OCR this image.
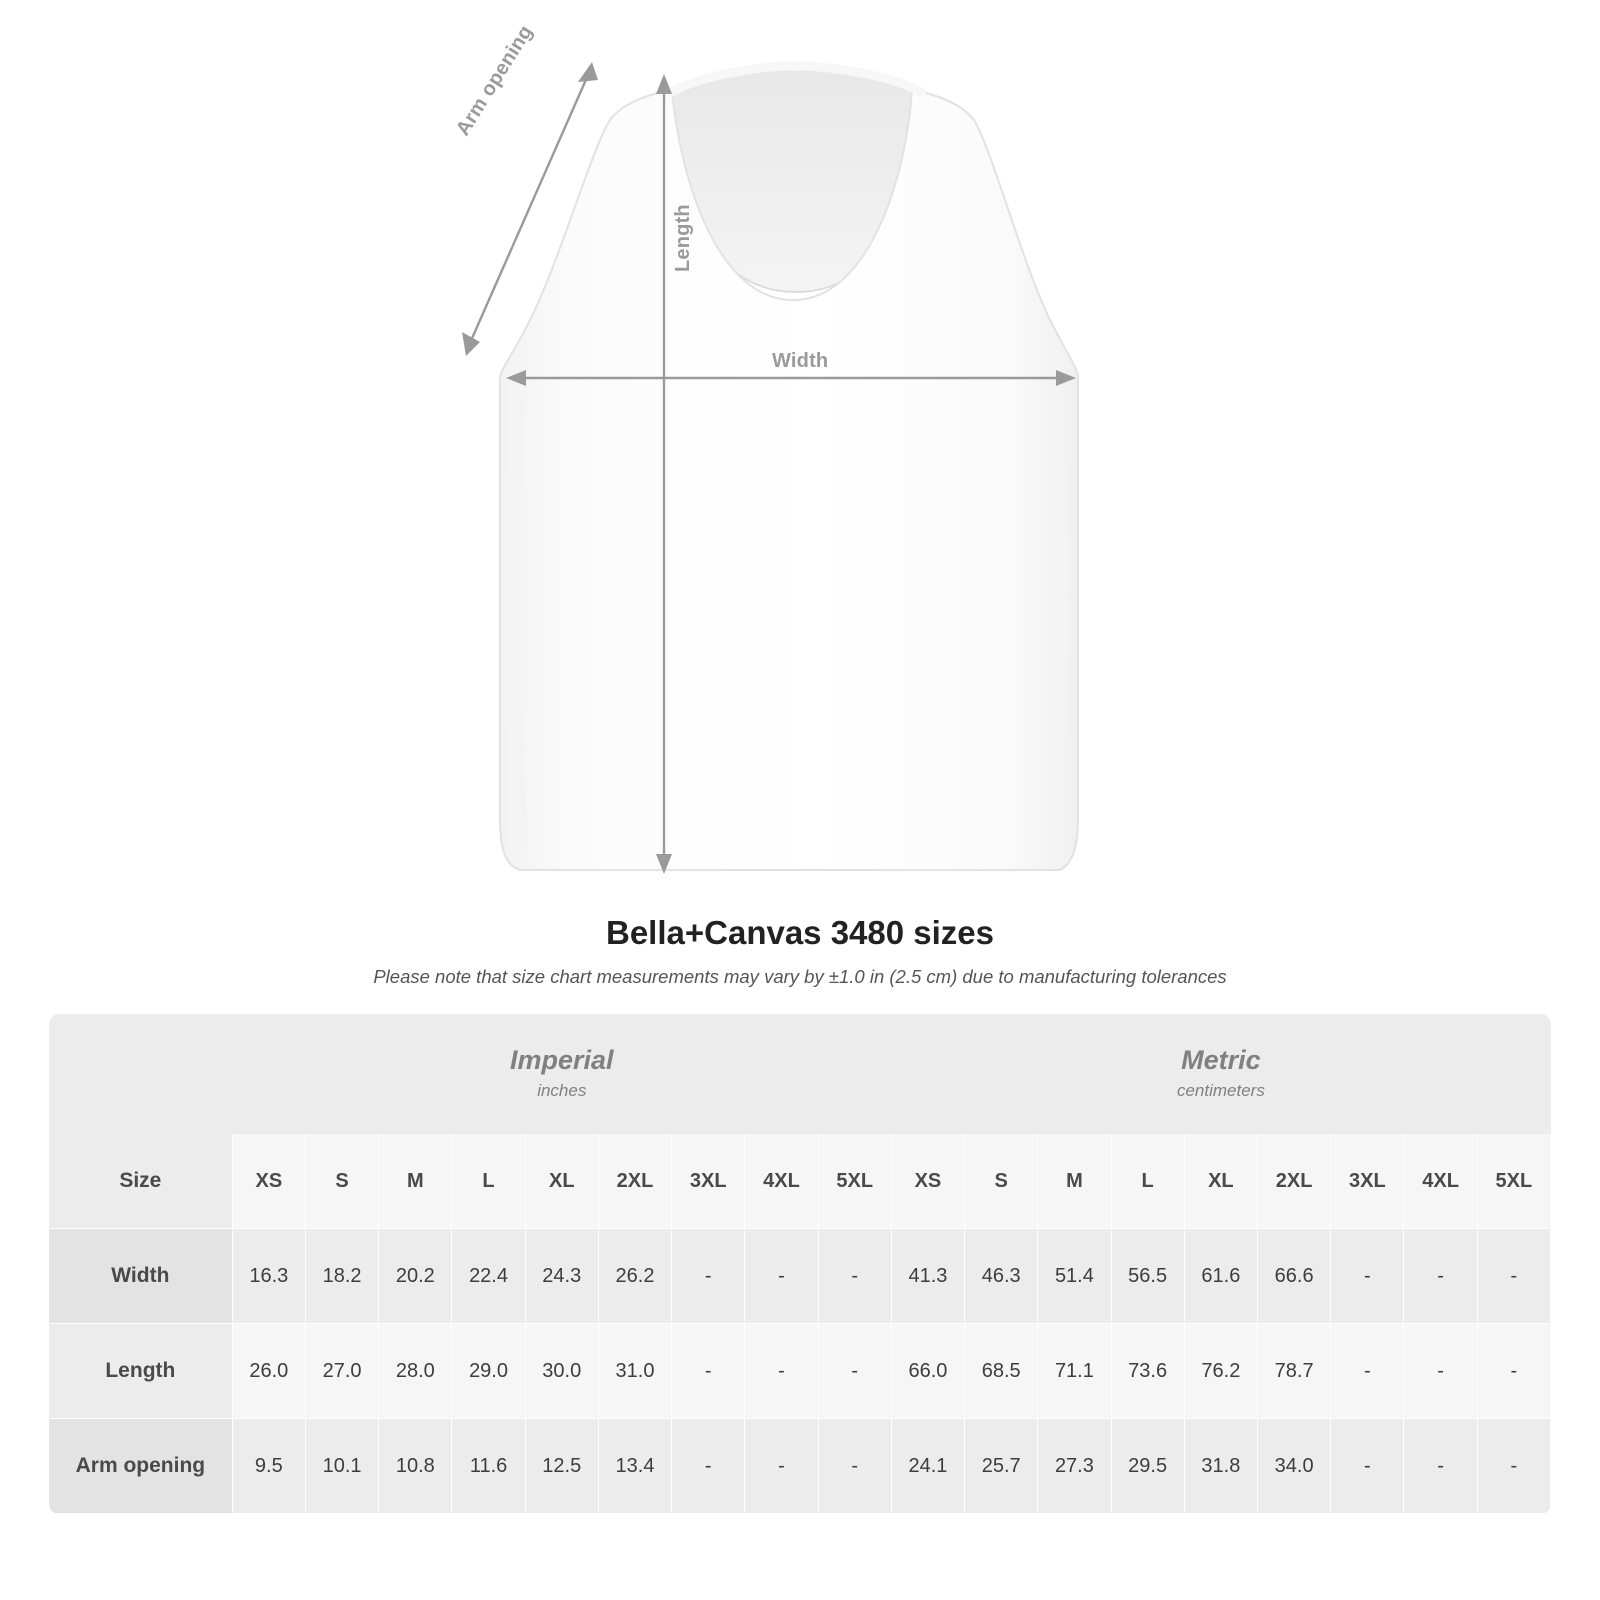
Arm opening
Length
Width
Bella+Canvas 3480 sizes

Please note that size chart measurements may vary by ±1.0 in (2.5 cm) due to manufacturing tolerances

Imperial
inches

Metric
centimeters

Size	XS	S	M	L	XL	2XL	3XL	4XL	5XL	XS	S	M	L	XL	2XL	3XL	4XL	5XL
Width	16.3	18.2	20.2	22.4	24.3	26.2	-	-	-	41.3	46.3	51.4	56.5	61.6	66.6	-	-	-
Length	26.0	27.0	28.0	29.0	30.0	31.0	-	-	-	66.0	68.5	71.1	73.6	76.2	78.7	-	-	-
Arm opening	9.5	10.1	10.8	11.6	12.5	13.4	-	-	-	24.1	25.7	27.3	29.5	31.8	34.0	-	-	-
